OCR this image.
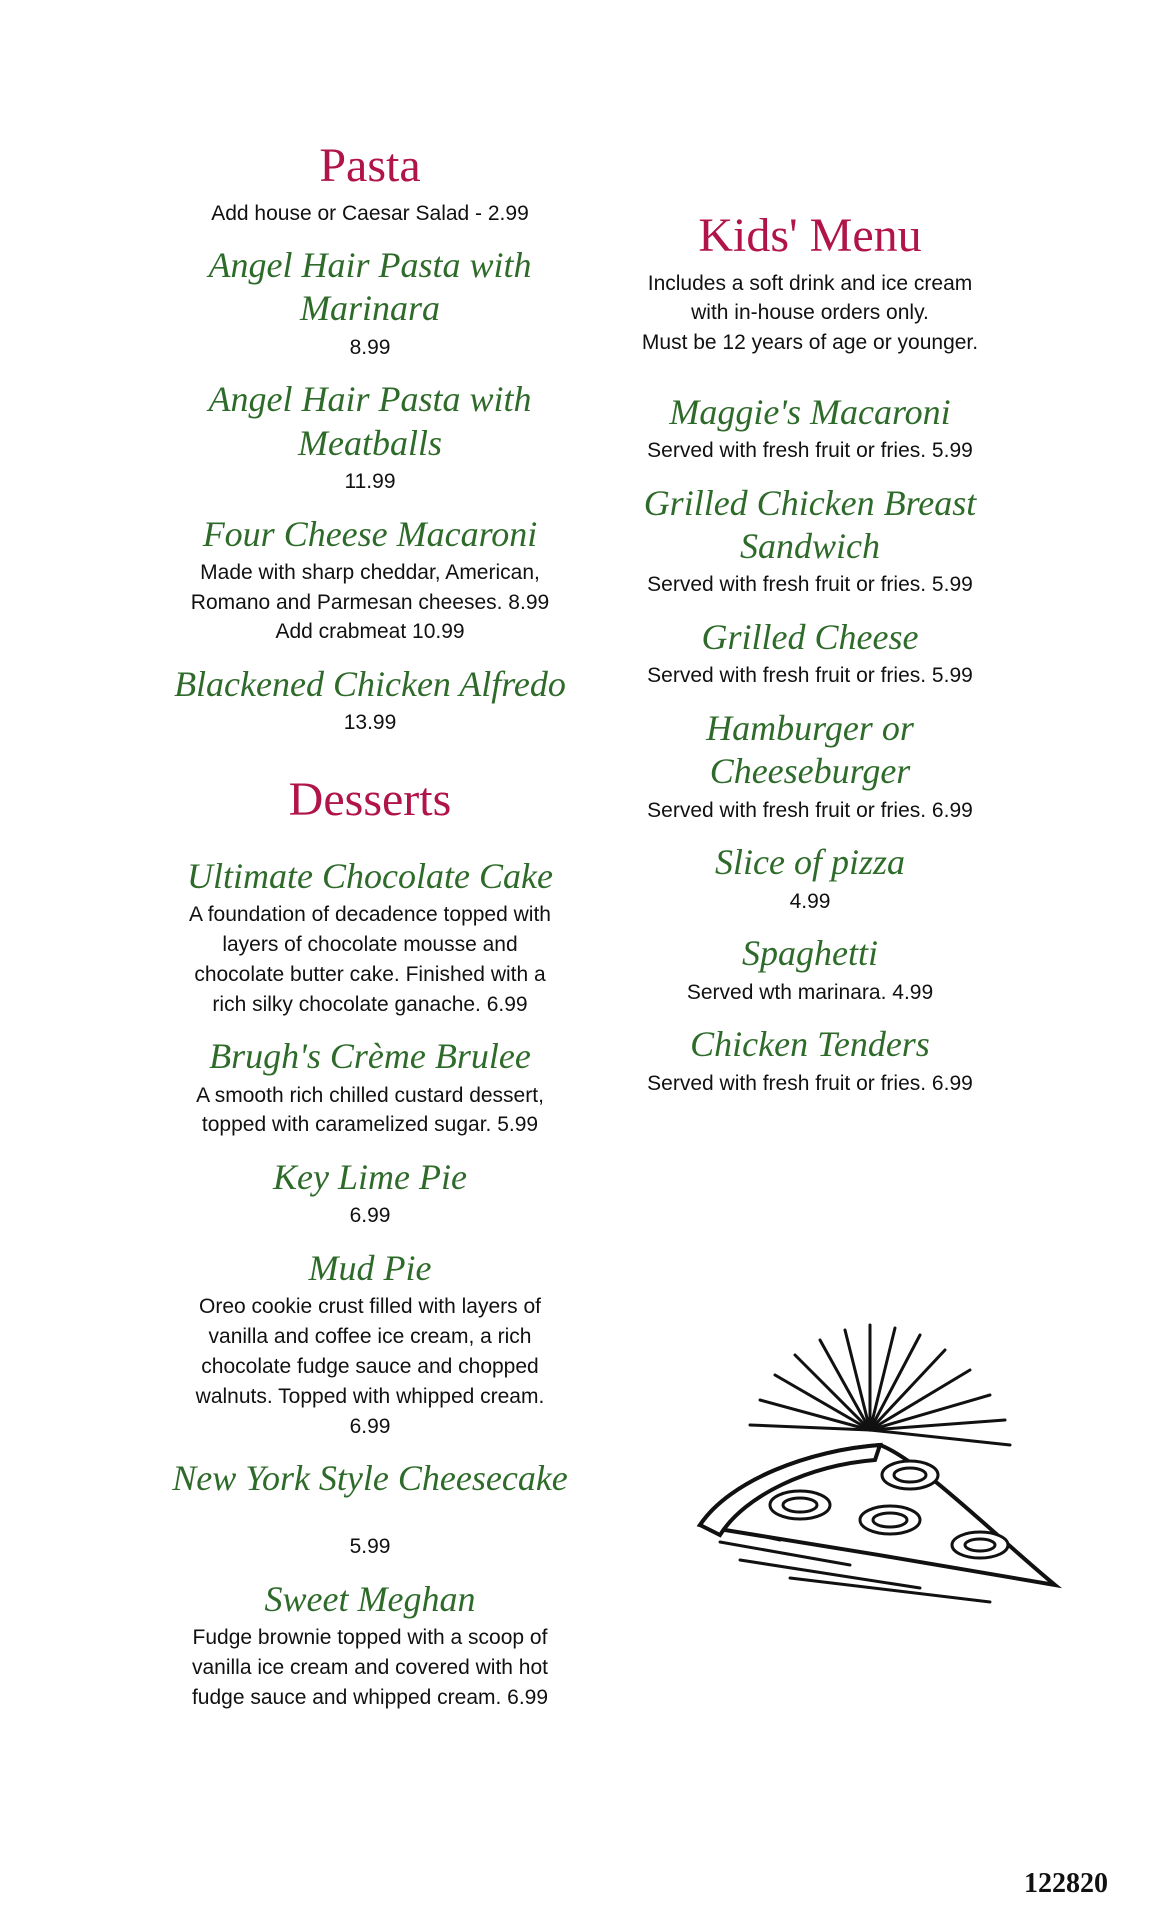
Pasta
Add house or Caesar Salad - 2.99
Angel Hair Pasta with
Marinara
8.99
Angel Hair Pasta with
Meatballs
11.99
Four Cheese Macaroni
Made with sharp cheddar, American,
Romano and Parmesan cheeses. 8.99
Add crabmeat 10.99
Blackened Chicken Alfredo
13.99
Desserts
Ultimate Chocolate Cake
A foundation of decadence topped with
layers of chocolate mousse and
chocolate butter cake. Finished with a
rich silky chocolate ganache. 6.99
Brugh's Crème Brulee
A smooth rich chilled custard dessert,
topped with caramelized sugar. 5.99
Key Lime Pie
6.99
Mud Pie
Oreo cookie crust filled with layers of
vanilla and coffee ice cream, a rich
chocolate fudge sauce and chopped
walnuts. Topped with whipped cream.
6.99
New York Style Cheesecake

5.99
Sweet Meghan
Fudge brownie topped with a scoop of
vanilla ice cream and covered with hot
fudge sauce and whipped cream. 6.99
Kids' Menu
Includes a soft drink and ice cream
with in-house orders only.
Must be 12 years of age or younger.
Maggie's Macaroni
Served with fresh fruit or fries. 5.99
Grilled Chicken Breast
Sandwich
Served with fresh fruit or fries. 5.99
Grilled Cheese
Served with fresh fruit or fries. 5.99
Hamburger or
Cheeseburger
Served with fresh fruit or fries. 6.99
Slice of pizza
4.99
Spaghetti
Served wth marinara. 4.99
Chicken Tenders
Served with fresh fruit or fries. 6.99
122820
